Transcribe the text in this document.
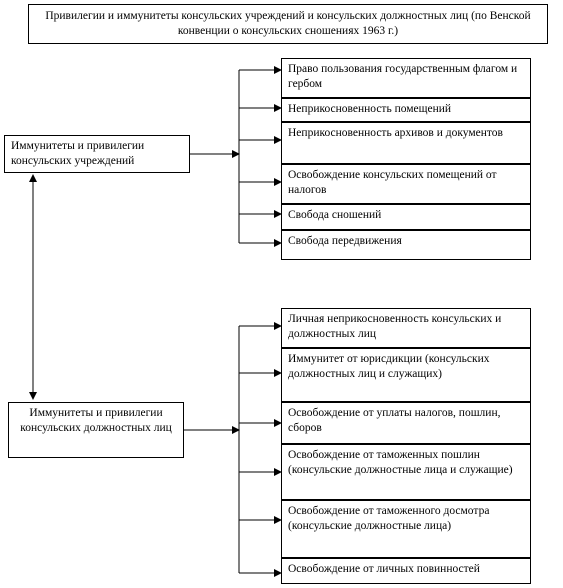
Привилегии и иммунитеты консульских учреждений и консульских должностных лиц (по Венской конвенции о консульских сношениях 1963 г.)
Иммунитеты и привилегии консульских учреждений
Иммунитеты и привилегии консульских должностных лиц
Право пользования государственным флагом и гербом
Неприкосновенность помещений
Неприкосновенность архивов и документов
Освобождение консульских помещений от налогов
Свобода сношений
Свобода передвижения
Личная неприкосновенность консульских и должностных лиц
Иммунитет от юрисдикции (консульских должностных лиц и служащих)
Освобождение от уплаты налогов, пошлин, сборов
Освобождение от таможенных пошлин (консульские должностные лица и служащие)
Освобождение от таможенного досмотра (консульские должностные лица)
Освобождение от личных повинностей
